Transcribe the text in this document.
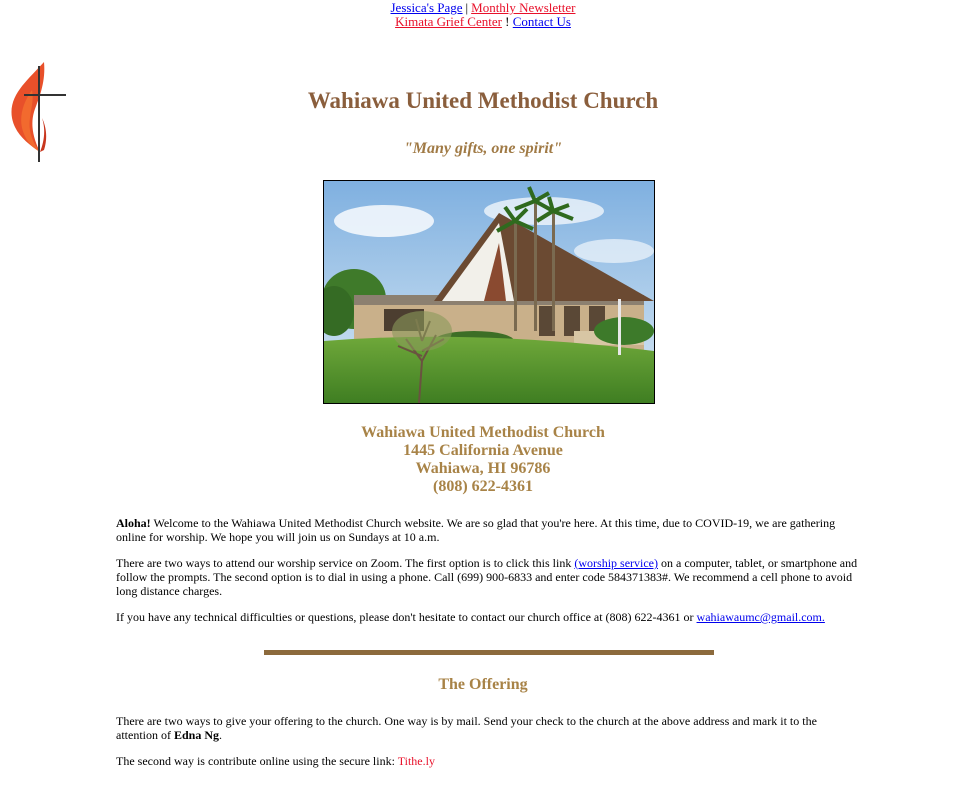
Jessica's Page | Monthly Newsletter
Kimata Grief Center ! Contact Us
Wahiawa United Methodist Church
"Many gifts, one spirit"
Wahiawa United Methodist Church
1445 California Avenue
Wahiawa, HI 96786
(808) 622-4361

Aloha! Welcome to the Wahiawa United Methodist Church website. We are so glad that you're here. At this time, due to COVID-19, we are gathering online for worship. We hope you will join us on Sundays at 10 a.m.

There are two ways to attend our worship service on Zoom. The first option is to click this link (worship service) on a computer, tablet, or smartphone and follow the prompts. The second option is to dial in using a phone. Call (699) 900-6833 and enter code 584371383#. We recommend a cell phone to avoid long distance charges.

If you have any technical difficulties or questions, please don't hesitate to contact our church office at (808) 622-4361 or wahiawaumc@gmail.com.

The Offering

There are two ways to give your offering to the church. One way is by mail. Send your check to the church at the above address and mark it to the attention of Edna Ng.

The second way is contribute online using the secure link: Tithe.ly
